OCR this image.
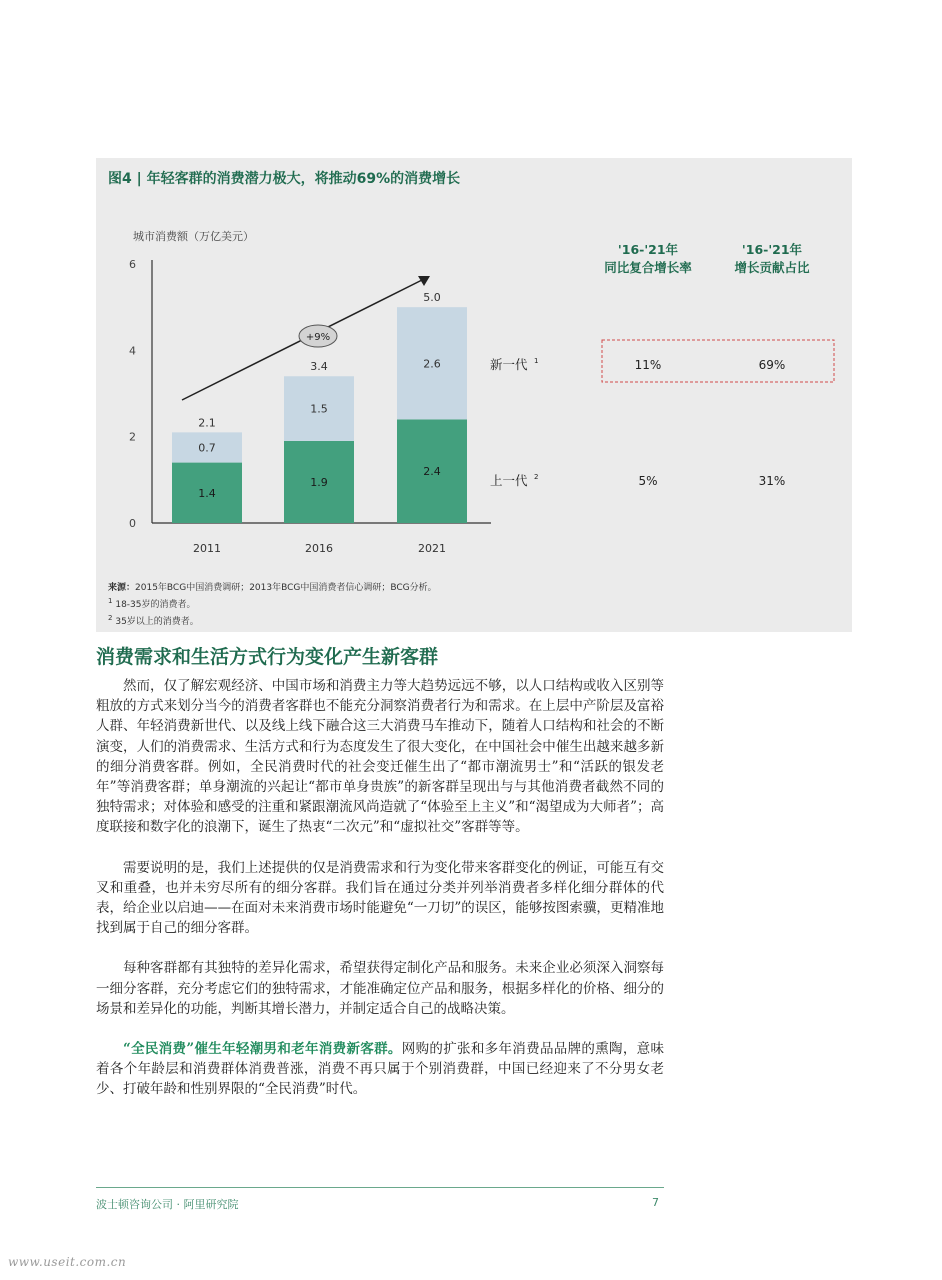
图4 | 年轻客群的消费潜力极大，将推动69%的消费增长
城市消费额（万亿美元）
0
2
4
6
1.4
0.7
2.1
2011
1.9
1.5
3.4
2016
2.4
2.6
5.0
2021
+9%
'16-'21年
同比复合增长率
'16-'21年
增长贡献占比
新一代 1	11%	69%
上一代 2	5%	31%
来源：2015年BCG中国消费调研；2013年BCG中国消费者信心调研；BCG分析。
$^1$ 18-35岁的消费者。
$^2$ 35岁以上的消费者。
消费需求和生活方式行为变化产生新客群

然而，仅了解宏观经济、中国市场和消费主力等大趋势远远不够，以人口结构或收入区别等粗放的方式来划分当今的消费者客群也不能充分洞察消费者行为和需求。在上层中产阶层及富裕人群、年轻消费新世代、以及线上线下融合这三大消费马车推动下，随着人口结构和社会的不断演变，人们的消费需求、生活方式和行为态度发生了很大变化，在中国社会中催生出越来越多新的细分消费客群。例如，全民消费时代的社会变迁催生出了“都市潮流男士”和“活跃的银发老年”等消费客群；单身潮流的兴起让“都市单身贵族”的新客群呈现出与与其他消费者截然不同的独特需求；对体验和感受的注重和紧跟潮流风尚造就了“体验至上主义”和“渴望成为大师者”；高度联接和数字化的浪潮下，诞生了热衷“二次元”和“虚拟社交”客群等等。

需要说明的是，我们上述提供的仅是消费需求和行为变化带来客群变化的例证，可能互有交叉和重叠，也并未穷尽所有的细分客群。我们旨在通过分类并列举消费者多样化细分群体的代表，给企业以启迪——在面对未来消费市场时能避免“一刀切”的误区，能够按图索骥，更精准地找到属于自己的细分客群。

每种客群都有其独特的差异化需求，希望获得定制化产品和服务。未来企业必须深入洞察每一细分客群，充分考虑它们的独特需求，才能准确定位产品和服务，根据多样化的价格、细分的场景和差异化的功能，判断其增长潜力，并制定适合自己的战略决策。

“全民消费”催生年轻潮男和老年消费新客群。网购的扩张和多年消费品品牌的熏陶，意味着各个年龄层和消费群体消费普涨，消费不再只属于个别消费群，中国已经迎来了不分男女老少、打破年龄和性别界限的“全民消费”时代。

波士顿咨询公司 · 阿里研究院	7
www.useit.com.cn
